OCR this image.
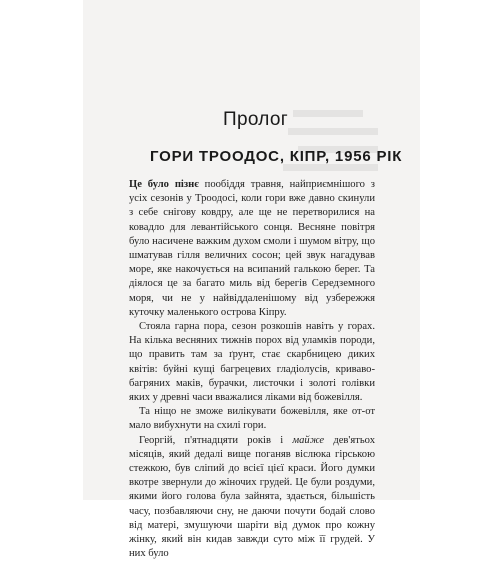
Пролог
ГОРИ ТРООДОС, КІПР, 1956 РІК

Це було пізнє пообіддя травня, найприємнішого з усіх сезонів у Троодосі, коли гори вже давно скинули з себе снігову ковдру, але ще не перетворилися на ковадло для левантійського сонця. Весняне повітря було насичене важким духом смоли і шумом вітру, що шматував гілля величних сосон; цей звук нагадував море, яке накочується на всипаний галькою берег. Та діялося це за багато миль від берегів Середземного моря, чи не у найвіддаленішому від узбережжя куточку маленького острова Кіпру.

Стояла гарна пора, сезон розкошів навіть у горах. На кілька весняних тижнів порох від уламків породи, що править там за ґрунт, стає скарбницею диких квітів: буйні кущі багрецевих гладіолусів, криваво-багряних маків, бурачки, листочки і золоті голівки яких у древні часи вважалися ліками від божевілля.

Та ніщо не зможе вилікувати божевілля, яке от-от мало вибухнути на схилі гори.

Георгій, п'ятнадцяти років і майже дев'ятьох місяців, який дедалі вище поганяв віслюка гірською стежкою, був сліпий до всієї цієї краси. Його думки вкотре звернули до жіночих грудей. Це були роздуми, якими його голова була зайнята, здається, більшість часу, позбавляючи сну, не даючи почути бодай слово від матері, змушуючи шаріти від думок про кожну жінку, який він кидав завжди суто між її грудей. У них було
